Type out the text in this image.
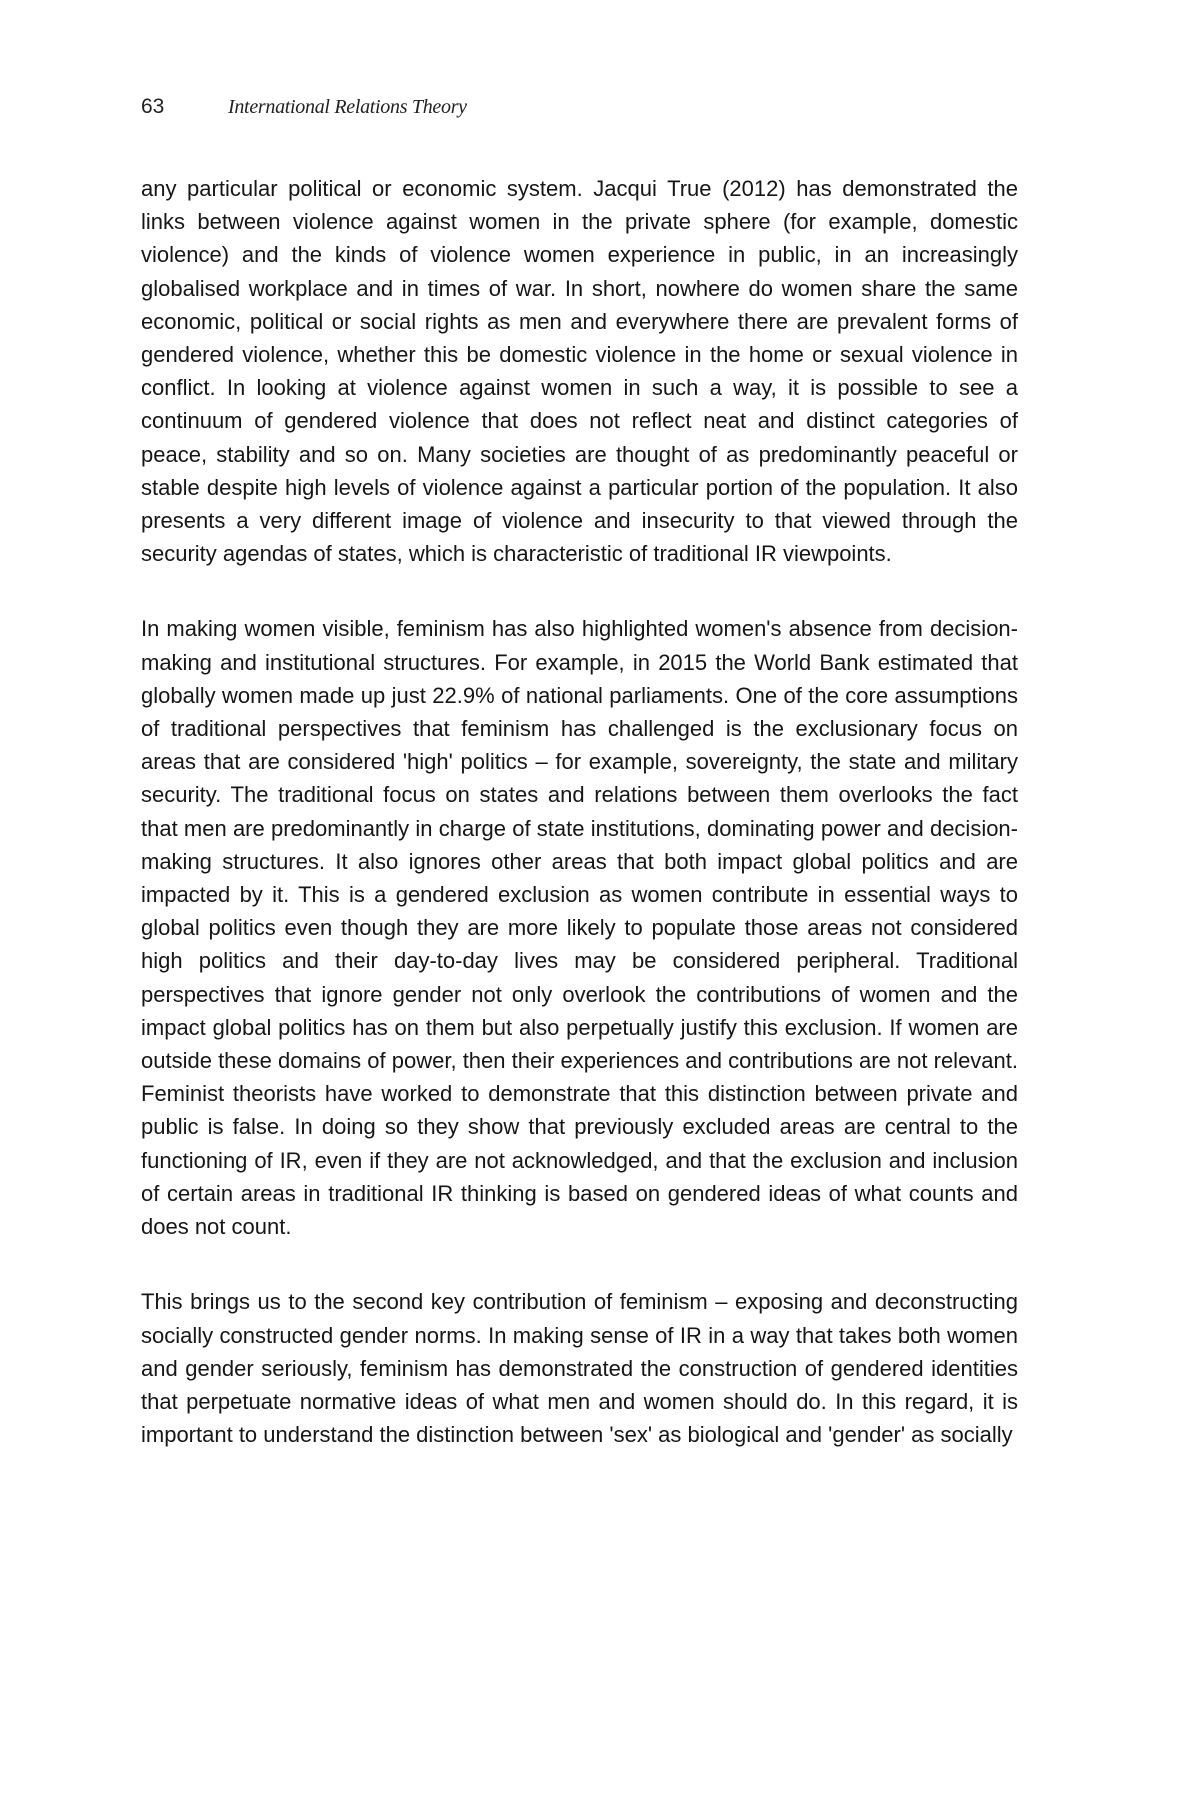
63	International Relations Theory

any particular political or economic system. Jacqui True (2012) has demonstrated the links between violence against women in the private sphere (for example, domestic violence) and the kinds of violence women experience in public, in an increasingly globalised workplace and in times of war. In short, nowhere do women share the same economic, political or social rights as men and everywhere there are prevalent forms of gendered violence, whether this be domestic violence in the home or sexual violence in conflict. In looking at violence against women in such a way, it is possible to see a continuum of gendered violence that does not reflect neat and distinct categories of peace, stability and so on. Many societies are thought of as predominantly peaceful or stable despite high levels of violence against a particular portion of the population. It also presents a very different image of violence and insecurity to that viewed through the security agendas of states, which is characteristic of traditional IR viewpoints.

In making women visible, feminism has also highlighted women's absence from decision-making and institutional structures. For example, in 2015 the World Bank estimated that globally women made up just 22.9% of national parliaments. One of the core assumptions of traditional perspectives that feminism has challenged is the exclusionary focus on areas that are considered 'high' politics – for example, sovereignty, the state and military security. The traditional focus on states and relations between them overlooks the fact that men are predominantly in charge of state institutions, dominating power and decision-making structures. It also ignores other areas that both impact global politics and are impacted by it. This is a gendered exclusion as women contribute in essential ways to global politics even though they are more likely to populate those areas not considered high politics and their day-to-day lives may be considered peripheral. Traditional perspectives that ignore gender not only overlook the contributions of women and the impact global politics has on them but also perpetually justify this exclusion. If women are outside these domains of power, then their experiences and contributions are not relevant. Feminist theorists have worked to demonstrate that this distinction between private and public is false. In doing so they show that previously excluded areas are central to the functioning of IR, even if they are not acknowledged, and that the exclusion and inclusion of certain areas in traditional IR thinking is based on gendered ideas of what counts and does not count.

This brings us to the second key contribution of feminism – exposing and deconstructing socially constructed gender norms. In making sense of IR in a way that takes both women and gender seriously, feminism has demonstrated the construction of gendered identities that perpetuate normative ideas of what men and women should do. In this regard, it is important to understand the distinction between 'sex' as biological and 'gender' as socially
